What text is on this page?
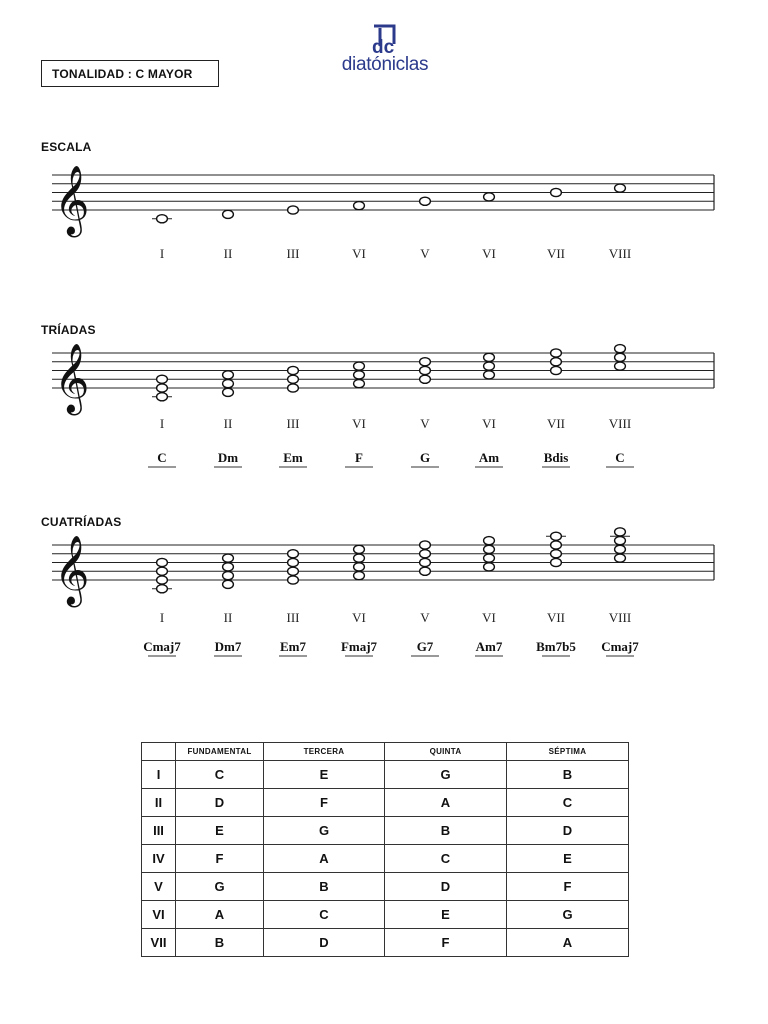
TONALIDAD : C MAYOR
dc
diatóniclas
ESCALA
TRÍADAS
CUATRÍADAS
𝄞
I	II	III	VI	V	VI	VII	VIII
𝄞
I
C
II
Dm
III
Em
VI
F
V
G
VI
Am
VII
Bdis
VIII
C
𝄞
I
Cmaj7
II
Dm7
III
Em7
VI
Fmaj7
V
G7
VI
Am7
VII
Bm7b5
VIII
Cmaj7
	FUNDAMENTAL	TERCERA	QUINTA	SÉPTIMA
I	C	E	G	B
II	D	F	A	C
III	E	G	B	D
IV	F	A	C	E
V	G	B	D	F
VI	A	C	E	G
VII	B	D	F	A
